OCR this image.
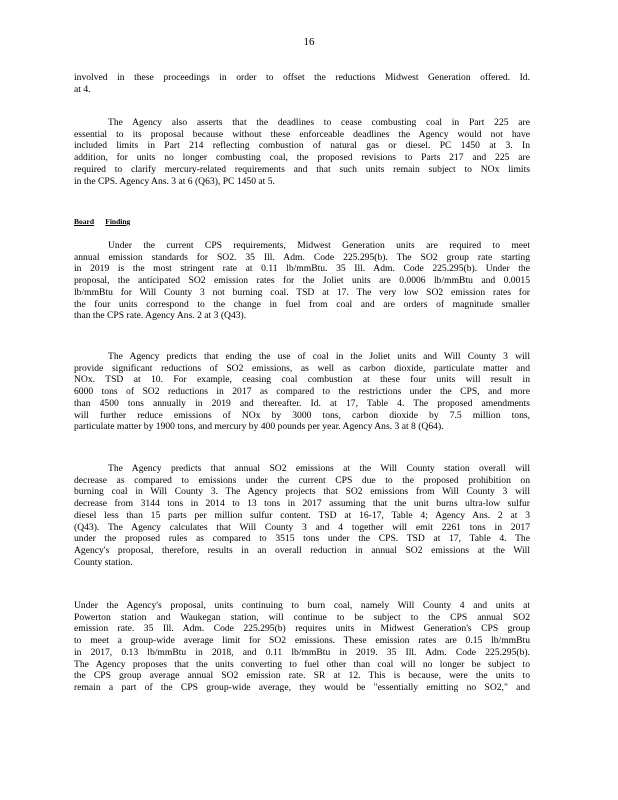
16
involved in these proceedings in order to offset the reductions Midwest Generation offered. Id.
at 4.
The Agency also asserts that the deadlines to cease combusting coal in Part 225 are
essential to its proposal because without these enforceable deadlines the Agency would not have
included limits in Part 214 reflecting combustion of natural gas or diesel. PC 1450 at 3. In
addition, for units no longer combusting coal, the proposed revisions to Parts 217 and 225 are
required to clarify mercury-related requirements and that such units remain subject to NOx limits
in the CPS. Agency Ans. 3 at 6 (Q63), PC 1450 at 5.
Board Finding
Under the current CPS requirements, Midwest Generation units are required to meet
annual emission standards for SO2. 35 Ill. Adm. Code 225.295(b). The SO2 group rate starting
in 2019 is the most stringent rate at 0.11 lb/mmBtu. 35 Ill. Adm. Code 225.295(b). Under the
proposal, the anticipated SO2 emission rates for the Joliet units are 0.0006 lb/mmBtu and 0.0015
lb/mmBtu for Will County 3 not burning coal. TSD at 17. The very low SO2 emission rates for
the four units correspond to the change in fuel from coal and are orders of magnitude smaller
than the CPS rate. Agency Ans. 2 at 3 (Q43).
The Agency predicts that ending the use of coal in the Joliet units and Will County 3 will
provide significant reductions of SO2 emissions, as well as carbon dioxide, particulate matter and
NOx. TSD at 10. For example, ceasing coal combustion at these four units will result in
6000 tons of SO2 reductions in 2017 as compared to the restrictions under the CPS, and more
than 4500 tons annually in 2019 and thereafter. Id. at 17, Table 4. The proposed amendments
will further reduce emissions of NOx by 3000 tons, carbon dioxide by 7.5 million tons,
particulate matter by 1900 tons, and mercury by 400 pounds per year. Agency Ans. 3 at 8 (Q64).
The Agency predicts that annual SO2 emissions at the Will County station overall will
decrease as compared to emissions under the current CPS due to the proposed prohibition on
burning coal in Will County 3. The Agency projects that SO2 emissions from Will County 3 will
decrease from 3144 tons in 2014 to 13 tons in 2017 assuming that the unit burns ultra-low sulfur
diesel less than 15 parts per million sulfur content. TSD at 16-17, Table 4; Agency Ans. 2 at 3
(Q43). The Agency calculates that Will County 3 and 4 together will emit 2261 tons in 2017
under the proposed rules as compared to 3515 tons under the CPS. TSD at 17, Table 4. The
Agency's proposal, therefore, results in an overall reduction in annual SO2 emissions at the Will
County station.
Under the Agency's proposal, units continuing to burn coal, namely Will County 4 and units at
Powerton station and Waukegan station, will continue to be subject to the CPS annual SO2
emission rate. 35 Ill. Adm. Code 225.295(b) requires units in Midwest Generation's CPS group
to meet a group-wide average limit for SO2 emissions. These emission rates are 0.15 lb/mmBtu
in 2017, 0.13 lb/mmBtu in 2018, and 0.11 lb/mmBtu in 2019. 35 Ill. Adm. Code 225.295(b).
The Agency proposes that the units converting to fuel other than coal will no longer be subject to
the CPS group average annual SO2 emission rate. SR at 12. This is because, were the units to
remain a part of the CPS group-wide average, they would be "essentially emitting no SO2," and
